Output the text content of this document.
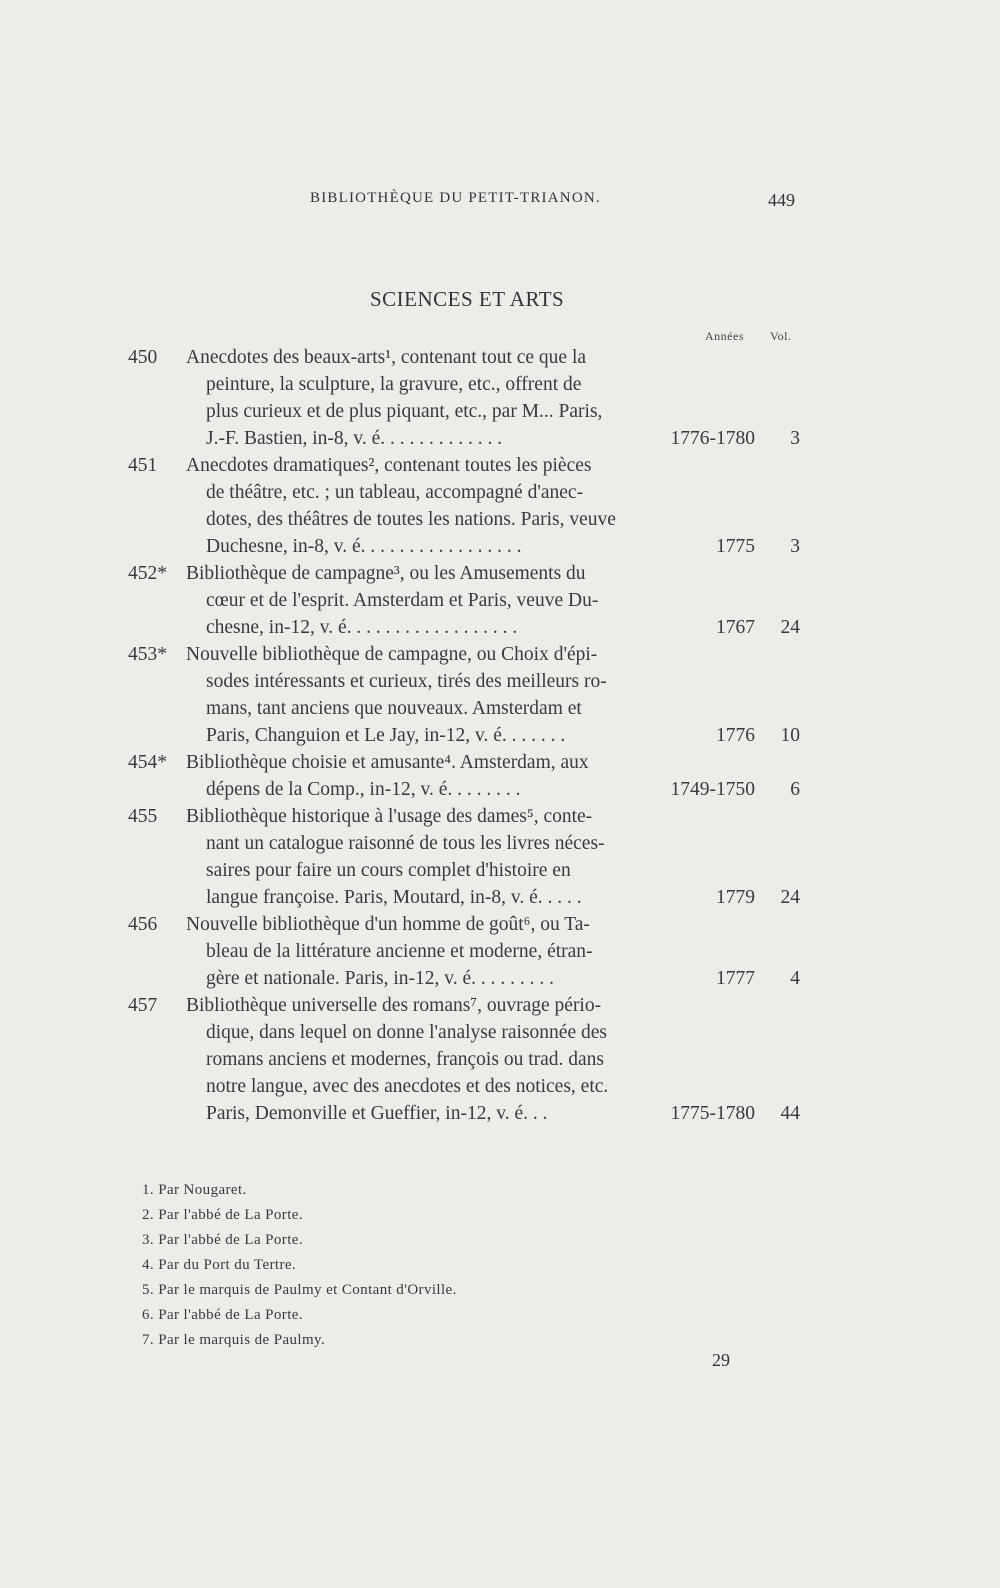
BIBLIOTHÈQUE DU PETIT-TRIANON.	449
SCIENCES ET ARTS
Années Vol.
450 Anecdotes des beaux-arts¹, contenant tout ce que la
peinture, la sculpture, la gravure, etc., offrent de
plus curieux et de plus piquant, etc., par M... Paris,
J.-F. Bastien, in-8, v. é. . . . . . . . . . . . .	1776-1780 3
451 Anecdotes dramatiques², contenant toutes les pièces
de théâtre, etc. ; un tableau, accompagné d'anec-
dotes, des théâtres de toutes les nations. Paris, veuve
Duchesne, in-8, v. é. . . . . . . . . . . . . . . . .	1775 3
452* Bibliothèque de campagne³, ou les Amusements du
cœur et de l'esprit. Amsterdam et Paris, veuve Du-
chesne, in-12, v. é. . . . . . . . . . . . . . . . . .	1767 24
453* Nouvelle bibliothèque de campagne, ou Choix d'épi-
sodes intéressants et curieux, tirés des meilleurs ro-
mans, tant anciens que nouveaux. Amsterdam et
Paris, Changuion et Le Jay, in-12, v. é. . . . . . .	1776 10
454* Bibliothèque choisie et amusante⁴. Amsterdam, aux
dépens de la Comp., in-12, v. é. . . . . . . .	1749-1750 6
455 Bibliothèque historique à l'usage des dames⁵, conte-
nant un catalogue raisonné de tous les livres néces-
saires pour faire un cours complet d'histoire en
langue françoise. Paris, Moutard, in-8, v. é. . . . .	1779 24
456 Nouvelle bibliothèque d'un homme de goût⁶, ou Ta-
bleau de la littérature ancienne et moderne, étran-
gère et nationale. Paris, in-12, v. é. . . . . . . . .	1777 4
457 Bibliothèque universelle des romans⁷, ouvrage pério-
dique, dans lequel on donne l'analyse raisonnée des
romans anciens et modernes, françois ou trad. dans
notre langue, avec des anecdotes et des notices, etc.
Paris, Demonville et Gueffier, in-12, v. é. . .	1775-1780 44
1. Par Nougaret.
2. Par l'abbé de La Porte.
3. Par l'abbé de La Porte.
4. Par du Port du Tertre.
5. Par le marquis de Paulmy et Contant d'Orville.
6. Par l'abbé de La Porte.
7. Par le marquis de Paulmy.
29
